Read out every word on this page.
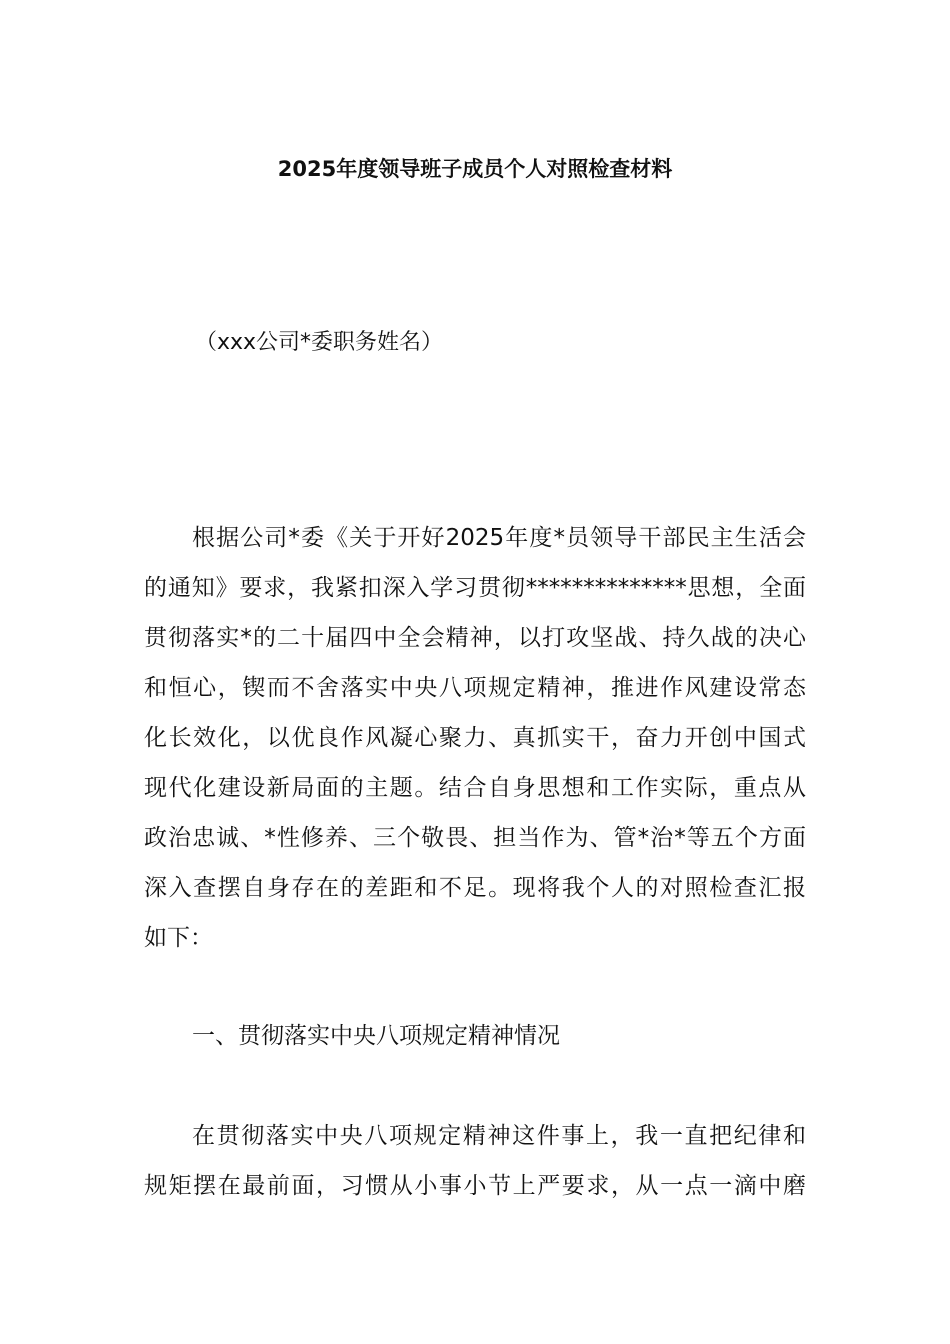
2025年度领导班子成员个人对照检查材料
（xxx公司*委职务姓名）
根据公司*委《关于开好2025年度*员领导干部民主生活会
的通知》要求，我紧扣深入学习贯彻**************思想，全面
贯彻落实*的二十届四中全会精神，以打攻坚战、持久战的决心
和恒心，锲而不舍落实中央八项规定精神，推进作风建设常态
化长效化，以优良作风凝心聚力、真抓实干，奋力开创中国式
现代化建设新局面的主题。结合自身思想和工作实际，重点从
政治忠诚、*性修养、三个敬畏、担当作为、管*治*等五个方面
深入查摆自身存在的差距和不足。现将我个人的对照检查汇报
如下：
一、贯彻落实中央八项规定精神情况
在贯彻落实中央八项规定精神这件事上，我一直把纪律和
规矩摆在最前面，习惯从小事小节上严要求，从一点一滴中磨
